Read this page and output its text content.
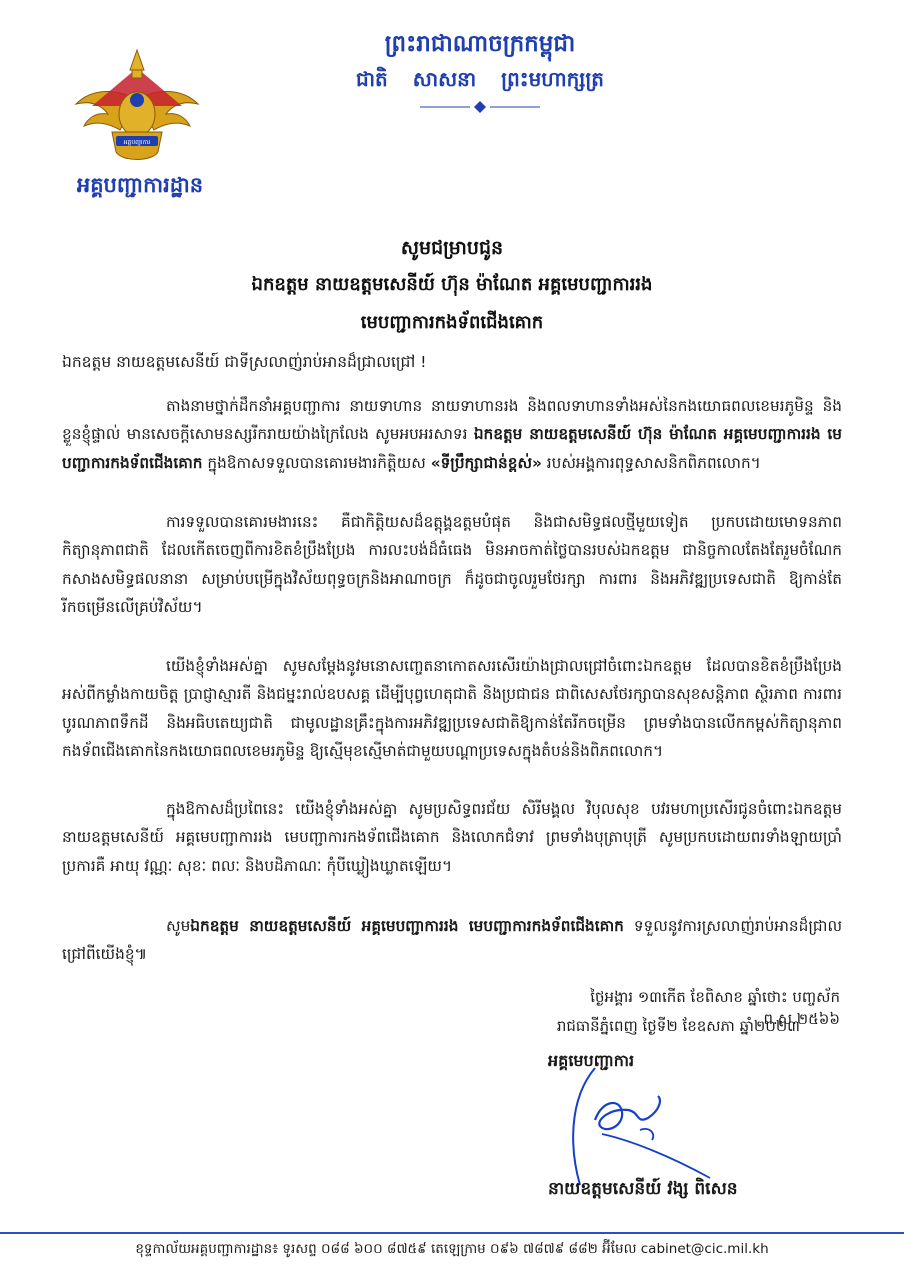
អគ្គបញ្ជាការ
អគ្គបញ្ជាការដ្ឋាន
ព្រះរាជាណាចក្រកម្ពុជា
ជាតិ សាសនា ព្រះមហាក្សត្រ
សូមជម្រាបជូន
ឯកឧត្តម នាយឧត្តមសេនីយ៍ ហ៊ុន ម៉ាណែត អគ្គមេបញ្ជាការរង
មេបញ្ជាការកងទ័ពជើងគោក
ឯកឧត្តម នាយឧត្តមសេនីយ៍ ជាទីស្រលាញ់រាប់អានដ៏ជ្រាលជ្រៅ !
តាងនាមថ្នាក់ដឹកនាំអគ្គបញ្ជាការ នាយទាហាន នាយទាហានរង និងពលទាហានទាំងអស់នៃកងយោធពលខេមរភូមិន្ទ និងខ្លួនខ្ញុំផ្ទាល់ មានសេចក្ដីសោមនស្សរីករាយយ៉ាងក្រៃលែង សូមអបអរសាទរ ឯកឧត្តម នាយឧត្តមសេនីយ៍ ហ៊ុន ម៉ាណែត អគ្គមេបញ្ជាការរង មេបញ្ជាការកងទ័ពជើងគោក ក្នុងឱកាសទទួលបានគោរមងារកិត្តិយស «ទីប្រឹក្សាជាន់ខ្ពស់» របស់អង្គការពុទ្ធសាសនិកពិភពលោក។
ការទទួលបានគោរមងារនេះ គឺជាកិត្តិយសដ៏ឧត្តុង្គឧត្តមបំផុត និងជាសមិទ្ធផលថ្មីមួយទៀត ប្រកបដោយមោទនភាព កិត្យានុភាពជាតិ ដែលកើតចេញពីការខិតខំប្រឹងប្រែង ការលះបង់ដ៏ធំធេង មិនអាចកាត់ថ្លៃបានរបស់ឯកឧត្តម ជានិច្ចកាលតែងតែរួមចំណែកកសាងសមិទ្ធផលនានា សម្រាប់បម្រើក្នុងវិស័យពុទ្ធចក្រនិងអាណាចក្រ ក៏ដូចជាចូលរួមថែរក្សា ការពារ និងអភិវឌ្ឍប្រទេសជាតិ ឱ្យកាន់តែរីកចម្រើនលើគ្រប់វិស័យ។
យើងខ្ញុំទាំងអស់គ្នា សូមសម្ដែងនូវមនោសញ្ចេតនាកោតសរសើរយ៉ាងជ្រាលជ្រៅចំពោះឯកឧត្តម ដែលបានខិតខំប្រឹងប្រែងអស់ពីកម្លាំងកាយចិត្ត ប្រាជ្ញាស្មារតី និងជម្នះរាល់ឧបសគ្គ ដើម្បីបុព្វហេតុជាតិ និងប្រជាជន ជាពិសេសថែរក្សាបានសុខសន្តិភាព ស្ថិរភាព ការពារបូរណភាពទឹកដី និងអធិបតេយ្យជាតិ ជាមូលដ្ឋានគ្រឹះក្នុងការអភិវឌ្ឍប្រទេសជាតិឱ្យកាន់តែរីកចម្រើន ព្រមទាំងបានលើកកម្ពស់កិត្យានុភាពកងទ័ពជើងគោកនៃកងយោធពលខេមរភូមិន្ទ ឱ្យស្មើមុខស្មើមាត់ជាមួយបណ្ដាប្រទេសក្នុងតំបន់និងពិភពលោក។
ក្នុងឱកាសដ៏ប្រពៃនេះ យើងខ្ញុំទាំងអស់គ្នា សូមប្រសិទ្ធពរជ័យ សិរីមង្គល វិបុលសុខ បវរមហាប្រសើរជូនចំពោះឯកឧត្តម នាយឧត្តមសេនីយ៍ អគ្គមេបញ្ជាការរង មេបញ្ជាការកងទ័ពជើងគោក និងលោកជំទាវ ព្រមទាំងបុត្រាបុត្រី សូមប្រកបដោយពរទាំងឡាយប្រាំប្រការគឺ អាយុ វណ្ណៈ សុខៈ ពលៈ និងបដិភាណៈ កុំបីឃ្លៀងឃ្លាតឡើយ។
សូមឯកឧត្តម នាយឧត្តមសេនីយ៍ អគ្គមេបញ្ជាការរង មេបញ្ជាការកងទ័ពជើងគោក ទទួលនូវការស្រលាញ់រាប់អានដ៏ជ្រាលជ្រៅពីយើងខ្ញុំ៕
ថ្ងៃអង្គារ ១៣កើត ខែពិសាខ ឆ្នាំថោះ បញ្ចស័ក ព.ស.២៥៦៦
រាជធានីភ្នំពេញ ថ្ងៃទី២ ខែឧសភា ឆ្នាំ២០២៣
អគ្គមេបញ្ជាការ
នាយឧត្តមសេនីយ៍ វង្ស ពិសេន
ខុទ្ទកាល័យអគ្គបញ្ជាការដ្ឋាន៖ ទូរសព្ទ ០៨៨ ៦០០ ៨៧៥៩ តេឡេក្រាម ០៩៦ ៧៨៧៩ ៨៨២ អ៊ីមែល cabinet@cic.mil.kh
